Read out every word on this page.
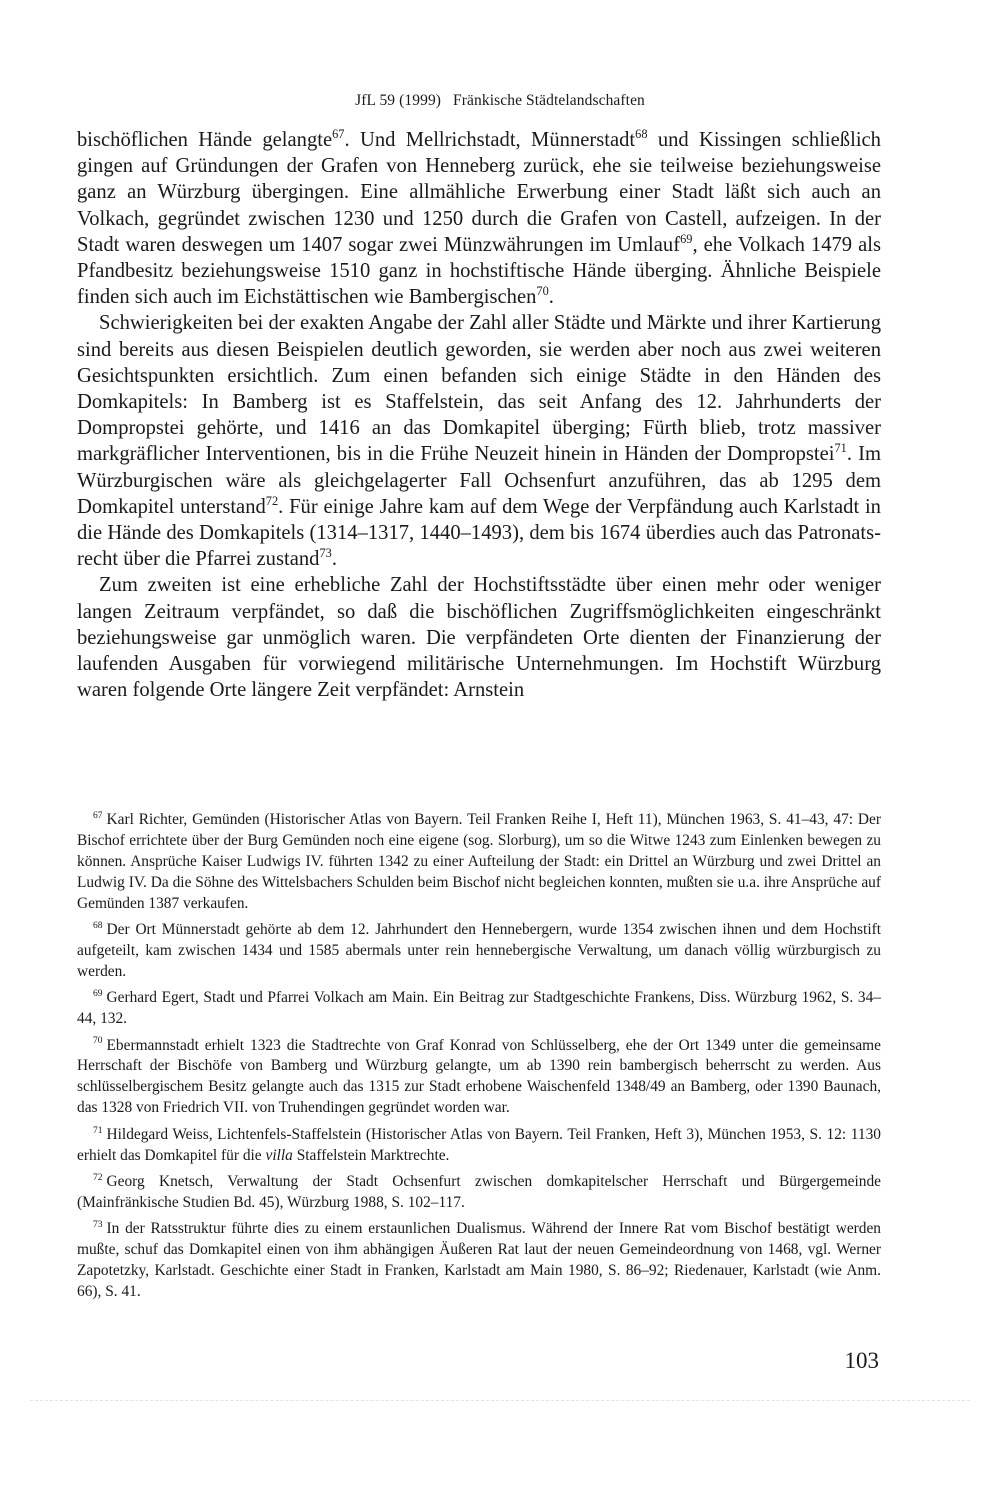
JfL 59 (1999) Fränkische Städtelandschaften

bischöflichen Hände gelangte$^{67}$. Und Mellrichstadt, Münnerstadt$^{68}$ und Kissingen schließlich gingen auf Gründungen der Grafen von Henneberg zurück, ehe sie teilweise beziehungsweise ganz an Würzburg übergingen. Eine allmähliche Erwerbung einer Stadt läßt sich auch an Volkach, gegründet zwischen 1230 und 1250 durch die Grafen von Castell, aufzeigen. In der Stadt waren deswegen um 1407 sogar zwei Münzwährungen im Umlauf$^{69}$, ehe Volkach 1479 als Pfandbesitz beziehungsweise 1510 ganz in hochstiftische Hände überging. Ähnliche Beispiele finden sich auch im Eichstättischen wie Bambergischen$^{70}$.

Schwierigkeiten bei der exakten Angabe der Zahl aller Städte und Märkte und ihrer Kartierung sind bereits aus diesen Beispielen deutlich geworden, sie werden aber noch aus zwei weiteren Gesichtspunkten ersichtlich. Zum einen befanden sich einige Städte in den Händen des Domkapitels: In Bamberg ist es Staffelstein, das seit Anfang des 12. Jahrhunderts der Dompropstei gehörte, und 1416 an das Domkapitel überging; Fürth blieb, trotz massiver markgräflicher Interventionen, bis in die Frühe Neuzeit hinein in Händen der Dompropstei$^{71}$. Im Würzburgischen wäre als gleichgelagerter Fall Ochsenfurt anzuführen, das ab 1295 dem Domkapitel unterstand$^{72}$. Für einige Jahre kam auf dem Wege der Verpfändung auch Karlstadt in die Hände des Domkapitels (1314–1317, 1440–1493), dem bis 1674 überdies auch das Patronatsrecht über die Pfarrei zustand$^{73}$.

Zum zweiten ist eine erhebliche Zahl der Hochstiftsstädte über einen mehr oder weniger langen Zeitraum verpfändet, so daß die bischöflichen Zugriffsmöglichkeiten eingeschränkt beziehungsweise gar unmöglich waren. Die verpfändeten Orte dienten der Finanzierung der laufenden Ausgaben für vorwiegend militärische Unternehmungen. Im Hochstift Würzburg waren folgende Orte längere Zeit verpfändet: Arnstein

$^{67}$ Karl Richter, Gemünden (Historischer Atlas von Bayern. Teil Franken Reihe I, Heft 11), München 1963, S. 41–43, 47: Der Bischof errichtete über der Burg Gemünden noch eine eigene (sog. Slorburg), um so die Witwe 1243 zum Einlenken bewegen zu können. Ansprüche Kaiser Ludwigs IV. führten 1342 zu einer Aufteilung der Stadt: ein Drittel an Würzburg und zwei Drittel an Ludwig IV. Da die Söhne des Wittelsbachers Schulden beim Bischof nicht begleichen konnten, mußten sie u.a. ihre Ansprüche auf Gemünden 1387 verkaufen.
$^{68}$ Der Ort Münnerstadt gehörte ab dem 12. Jahrhundert den Hennebergern, wurde 1354 zwischen ihnen und dem Hochstift aufgeteilt, kam zwischen 1434 und 1585 abermals unter rein hennebergische Verwaltung, um danach völlig würzburgisch zu werden.
$^{69}$ Gerhard Egert, Stadt und Pfarrei Volkach am Main. Ein Beitrag zur Stadtgeschichte Frankens, Diss. Würzburg 1962, S. 34–44, 132.
$^{70}$ Ebermannstadt erhielt 1323 die Stadtrechte von Graf Konrad von Schlüsselberg, ehe der Ort 1349 unter die gemeinsame Herrschaft der Bischöfe von Bamberg und Würzburg gelangte, um ab 1390 rein bambergisch beherrscht zu werden. Aus schlüsselbergischem Besitz gelangte auch das 1315 zur Stadt erhobene Waischenfeld 1348/49 an Bamberg, oder 1390 Baunach, das 1328 von Friedrich VII. von Truhendingen gegründet worden war.
$^{71}$ Hildegard Weiss, Lichtenfels-Staffelstein (Historischer Atlas von Bayern. Teil Franken, Heft 3), München 1953, S. 12: 1130 erhielt das Domkapitel für die villa Staffelstein Marktrechte.
$^{72}$ Georg Knetsch, Verwaltung der Stadt Ochsenfurt zwischen domkapitelscher Herrschaft und Bürgergemeinde (Mainfränkische Studien Bd. 45), Würzburg 1988, S. 102–117.
$^{73}$ In der Ratsstruktur führte dies zu einem erstaunlichen Dualismus. Während der Innere Rat vom Bischof bestätigt werden mußte, schuf das Domkapitel einen von ihm abhängigen Äußeren Rat laut der neuen Gemeindeordnung von 1468, vgl. Werner Zapotetzky, Karlstadt. Geschichte einer Stadt in Franken, Karlstadt am Main 1980, S. 86–92; Riedenauer, Karlstadt (wie Anm. 66), S. 41.
103
